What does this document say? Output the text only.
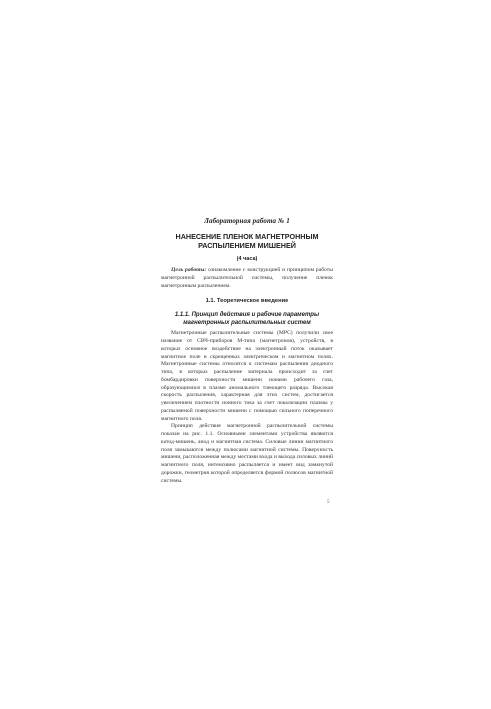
Лабораторная работа № 1
НАНЕСЕНИЕ ПЛЕНОК МАГНЕТРОННЫМ
РАСПЫЛЕНИЕМ МИШЕНЕЙ
(4 часа)

Цель работы: ознакомление с конструкцией и принципом работы магнетронной распылительной системы, получение пленок магнетронным распылением.

1.1. Теоретическое введение
1.1.1. Принцип действия и рабочие параметры
магнетронных распылительных систем

Магнетронные распылительные системы (МРС) получили свое название от СВЧ-приборов М-типа (магнетронов), устройств, в которых основное воздействие на электронный поток оказывает магнитное поле в скрещенных электрическом и магнитном полях. Магнетронные системы относятся к системам распыления диодного типа, в которых распыление материала происходит за счет бомбардировки поверхности мишени ионами рабочего газа, образующимися в плазме аномального тлеющего разряда. Высокая скорость распыления, характерная для этих систем, достигается увеличением плотности ионного тока за счет локализации плазмы у распыляемой поверхности мишени с помощью сильного поперечного магнитного поля.

Принцип действия магнетронной распылительной системы показан на рис. 1.1. Основными элементами устройства являются катод-мишень, анод и магнитная система. Силовые линии магнитного поля замыкаются между полюсами магнитной системы. Поверхность мишени, расположенная между местами входа и выхода силовых линий магнитного поля, интенсивно распыляется и имеет вид замкнутой дорожки, геометрия которой определяется формой полюсов магнитной системы.

5
